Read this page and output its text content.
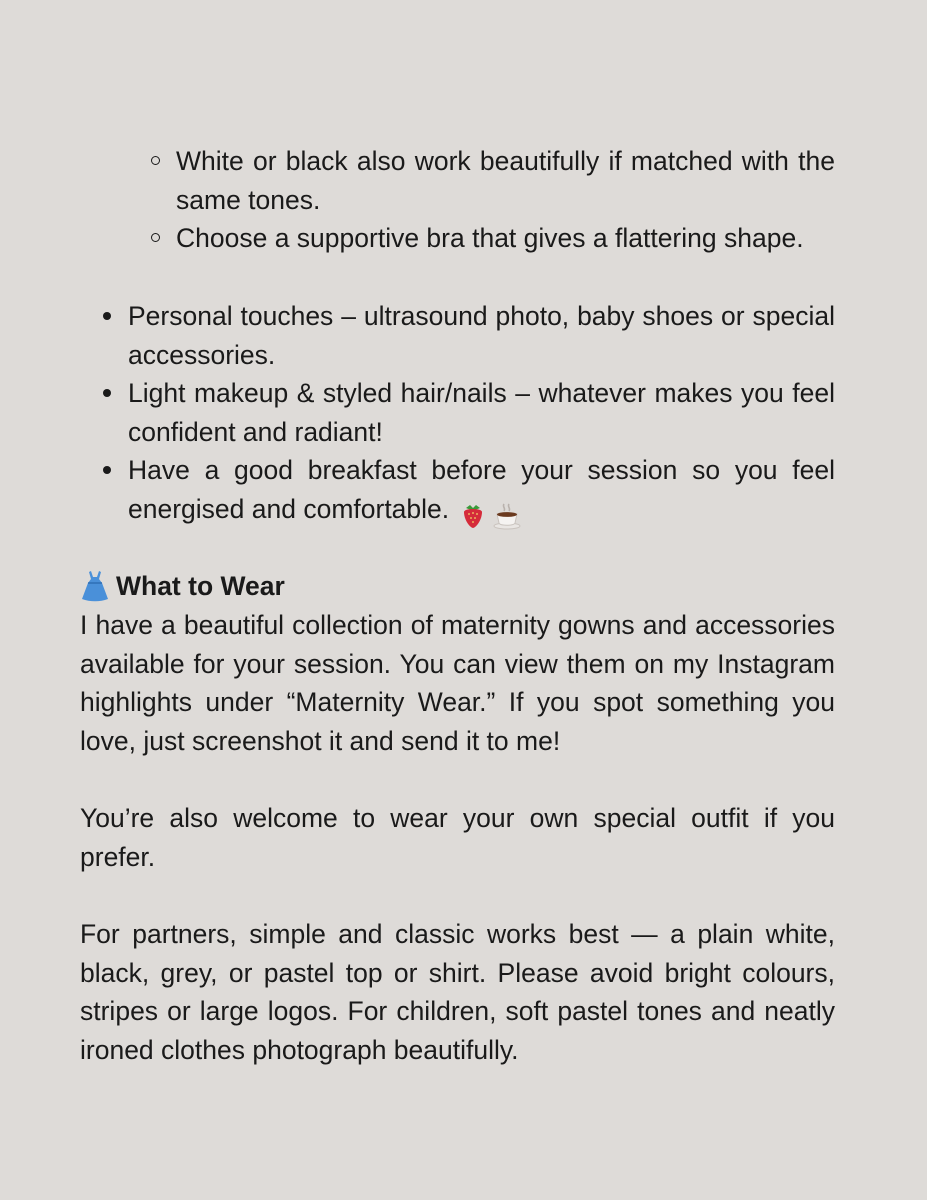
White or black also work beautifully if matched with the same tones.
Choose a supportive bra that gives a flattering shape.
Personal touches – ultrasound photo, baby shoes or special accessories.
Light makeup & styled hair/nails – whatever makes you feel confident and radiant!
Have a good breakfast before your session so you feel energised and comfortable.
What to Wear

I have a beautiful collection of maternity gowns and accessories available for your session. You can view them on my Instagram highlights under “Maternity Wear.” If you spot something you love, just screenshot it and send it to me!

You’re also welcome to wear your own special outfit if you prefer.

For partners, simple and classic works best — a plain white, black, grey, or pastel top or shirt. Please avoid bright colours, stripes or large logos. For children, soft pastel tones and neatly ironed clothes photograph beautifully.
